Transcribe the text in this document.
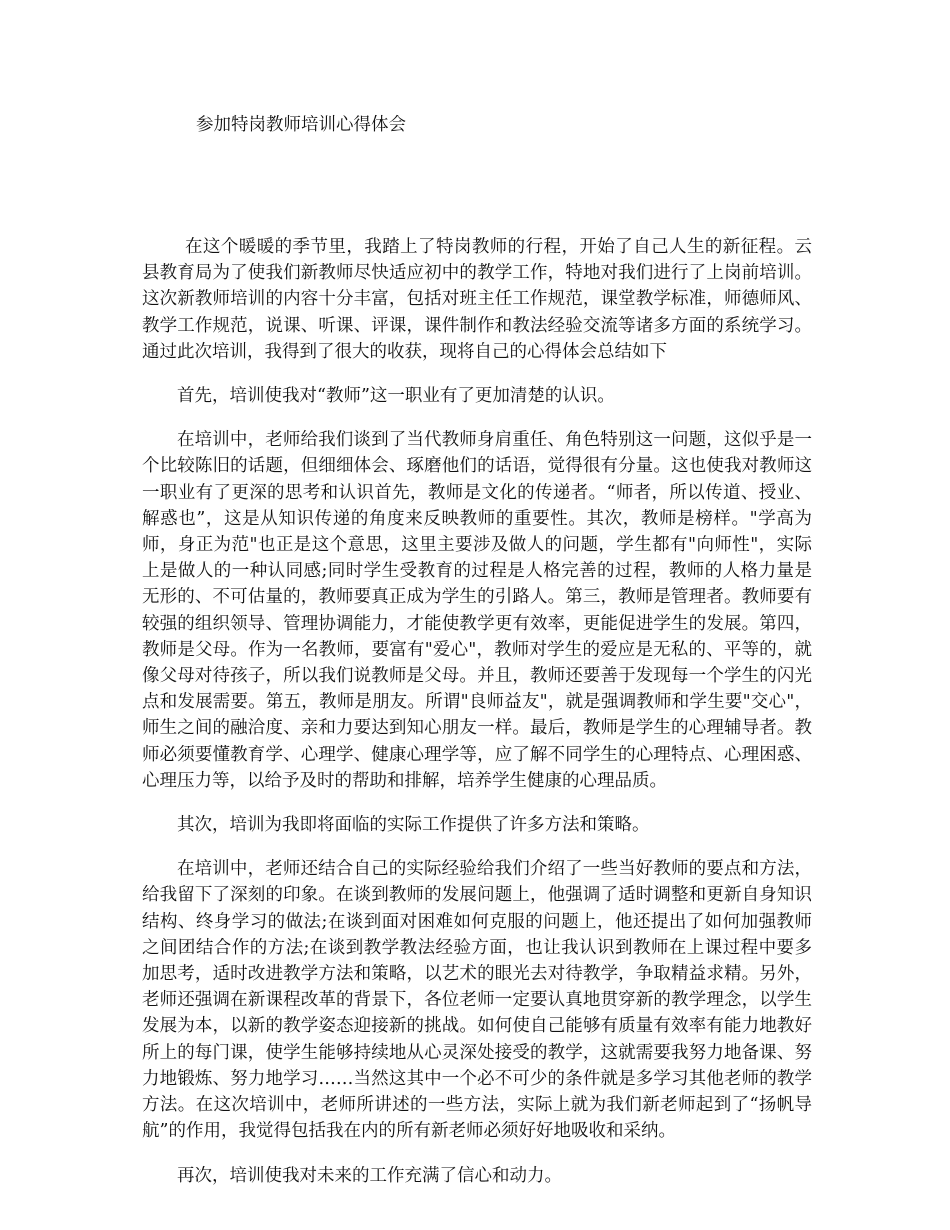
参加特岗教师培训心得体会

在这个暖暖的季节里，我踏上了特岗教师的行程，开始了自己人生的新征程。云县教育局为了使我们新教师尽快适应初中的教学工作，特地对我们进行了上岗前培训。这次新教师培训的内容十分丰富，包括对班主任工作规范，课堂教学标准，师德师风、教学工作规范，说课、听课、评课，课件制作和教法经验交流等诸多方面的系统学习。通过此次培训，我得到了很大的收获，现将自己的心得体会总结如下

首先，培训使我对“教师”这一职业有了更加清楚的认识。

在培训中，老师给我们谈到了当代教师身肩重任、角色特别这一问题，这似乎是一个比较陈旧的话题，但细细体会、琢磨他们的话语，觉得很有分量。这也使我对教师这一职业有了更深的思考和认识首先，教师是文化的传递者。“师者，所以传道、授业、解惑也”，这是从知识传递的角度来反映教师的重要性。其次，教师是榜样。"学高为师，身正为范"也正是这个意思，这里主要涉及做人的问题，学生都有"向师性"，实际上是做人的一种认同感;同时学生受教育的过程是人格完善的过程，教师的人格力量是无形的、不可估量的，教师要真正成为学生的引路人。第三，教师是管理者。教师要有较强的组织领导、管理协调能力，才能使教学更有效率，更能促进学生的发展。第四，教师是父母。作为一名教师，要富有"爱心"，教师对学生的爱应是无私的、平等的，就像父母对待孩子，所以我们说教师是父母。并且，教师还要善于发现每一个学生的闪光点和发展需要。第五，教师是朋友。所谓"良师益友"，就是强调教师和学生要"交心"，师生之间的融洽度、亲和力要达到知心朋友一样。最后，教师是学生的心理辅导者。教师必须要懂教育学、心理学、健康心理学等，应了解不同学生的心理特点、心理困惑、心理压力等，以给予及时的帮助和排解，培养学生健康的心理品质。

其次，培训为我即将面临的实际工作提供了许多方法和策略。

在培训中，老师还结合自己的实际经验给我们介绍了一些当好教师的要点和方法，给我留下了深刻的印象。在谈到教师的发展问题上，他强调了适时调整和更新自身知识结构、终身学习的做法;在谈到面对困难如何克服的问题上，他还提出了如何加强教师之间团结合作的方法;在谈到教学教法经验方面，也让我认识到教师在上课过程中要多加思考，适时改进教学方法和策略，以艺术的眼光去对待教学，争取精益求精。另外，老师还强调在新课程改革的背景下，各位老师一定要认真地贯穿新的教学理念，以学生发展为本，以新的教学姿态迎接新的挑战。如何使自己能够有质量有效率有能力地教好所上的每门课，使学生能够持续地从心灵深处接受的教学，这就需要我努力地备课、努力地锻炼、努力地学习……当然这其中一个必不可少的条件就是多学习其他老师的教学方法。在这次培训中，老师所讲述的一些方法，实际上就为我们新老师起到了“扬帆导航”的作用，我觉得包括我在内的所有新老师必须好好地吸收和采纳。

再次，培训使我对未来的工作充满了信心和动力。
